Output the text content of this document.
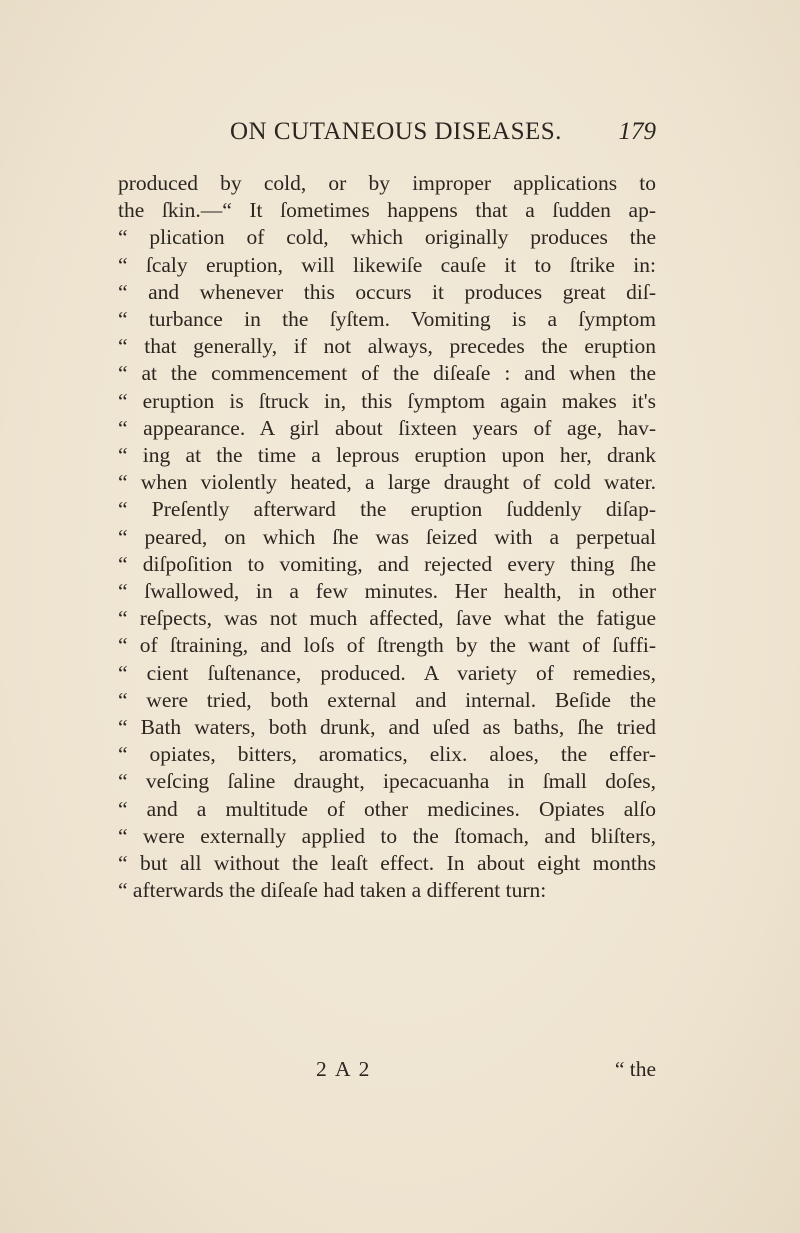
ON CUTANEOUS DISEASES. 179
produced by cold, or by improper applications to
the ſkin.—“ It ſometimes happens that a ſudden ap-
“ plication of cold, which originally produces the
“ ſcaly eruption, will likewiſe cauſe it to ſtrike in:
“ and whenever this occurs it produces great diſ-
“ turbance in the ſyſtem. Vomiting is a ſymptom
“ that generally, if not always, precedes the eruption
“ at the commencement of the diſeaſe : and when the
“ eruption is ſtruck in, this ſymptom again makes it's
“ appearance. A girl about ſixteen years of age, hav-
“ ing at the time a leprous eruption upon her, drank
“ when violently heated, a large draught of cold water.
“ Preſently afterward the eruption ſuddenly diſap-
“ peared, on which ſhe was ſeized with a perpetual
“ diſpoſition to vomiting, and rejected every thing ſhe
“ ſwallowed, in a few minutes. Her health, in other
“ reſpects, was not much affected, ſave what the fatigue
“ of ſtraining, and loſs of ſtrength by the want of ſuffi-
“ cient ſuſtenance, produced. A variety of remedies,
“ were tried, both external and internal. Beſide the
“ Bath waters, both drunk, and uſed as baths, ſhe tried
“ opiates, bitters, aromatics, elix. aloes, the effer-
“ veſcing ſaline draught, ipecacuanha in ſmall doſes,
“ and a multitude of other medicines. Opiates alſo
“ were externally applied to the ſtomach, and bliſters,
“ but all without the leaſt effect. In about eight months
“ afterwards the diſeaſe had taken a different turn:
2 A 2	“ the
